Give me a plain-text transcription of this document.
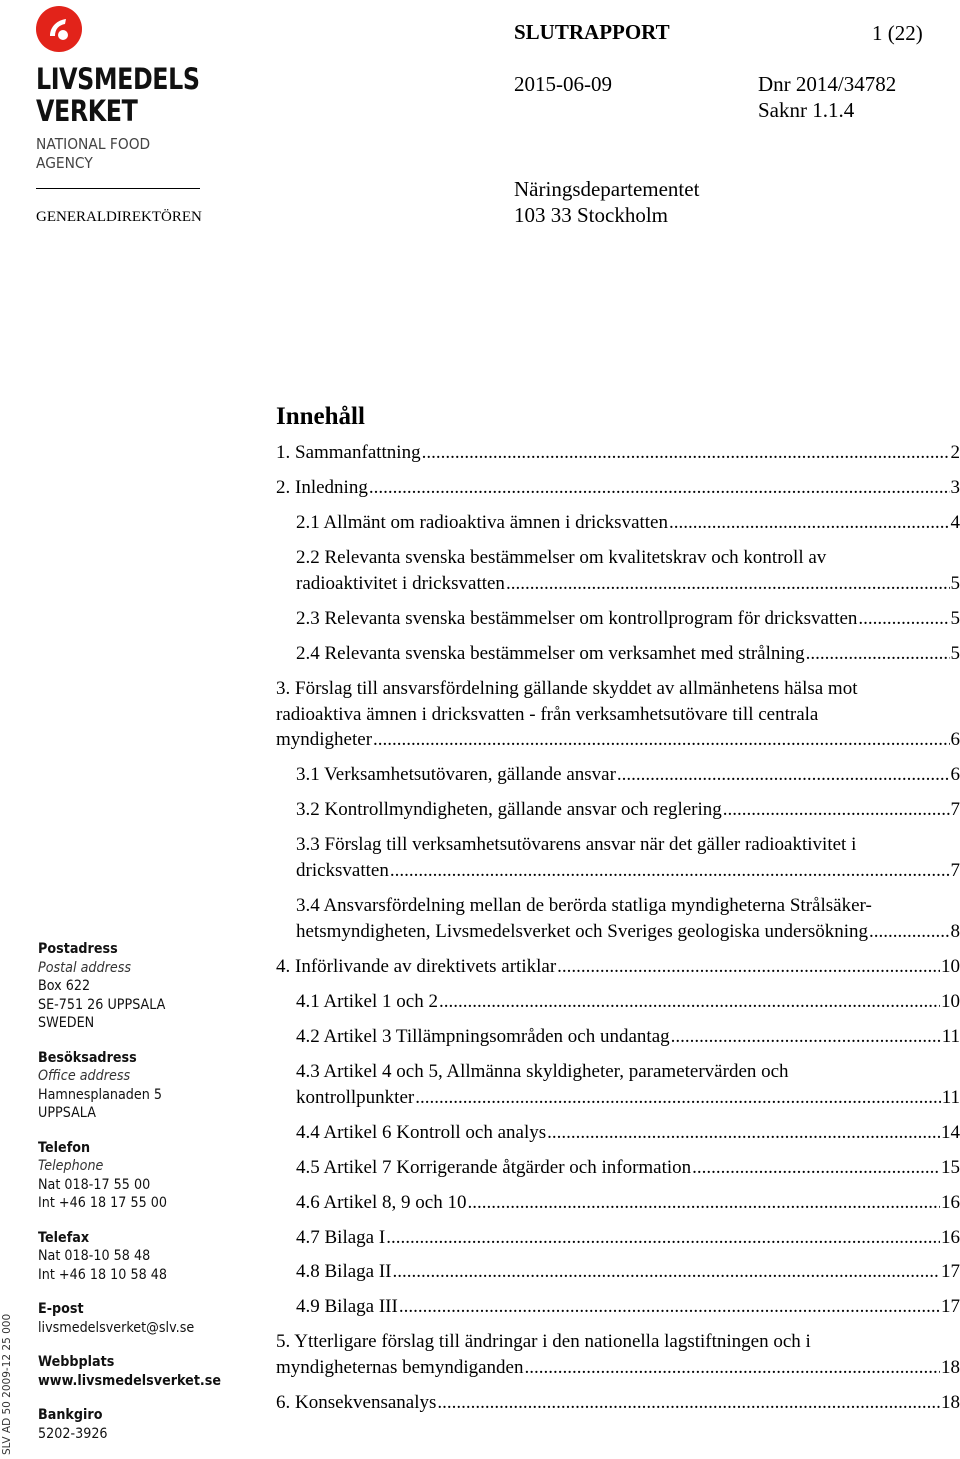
LIVSMEDELS
VERKET
NATIONAL FOOD
AGENCY
GENERALDIREKTÖREN
SLUTRAPPORT	1 (22)
2015-06-09	Dnr 2014/34782
Saknr 1.1.4
Näringsdepartementet
103 33 Stockholm
Postadress
Postal address
Box 622
SE-751 26 UPPSALA
SWEDEN
Besöksadress
Office address
Hamnesplanaden 5
UPPSALA
Telefon
Telephone
Nat 018-17 55 00
Int +46 18 17 55 00
Telefax
Nat 018-10 58 48
Int +46 18 10 58 48
E-post
livsmedelsverket@slv.se
Webbplats
www.livsmedelsverket.se
Bankgiro
5202-3926
SLV AD 50 2009-12 25 000
Innehåll
1. Sammanfattning .....	2
2. Inledning .....	3
2.1 Allmänt om radioaktiva ämnen i dricksvatten .....	4
2.2 Relevanta svenska bestämmelser om kvalitetskrav och kontroll av
radioaktivitet i dricksvatten .....	5
2.3 Relevanta svenska bestämmelser om kontrollprogram för dricksvatten .....	5
2.4 Relevanta svenska bestämmelser om verksamhet med strålning .....	5
3. Förslag till ansvarsfördelning gällande skyddet av allmänhetens hälsa mot
radioaktiva ämnen i dricksvatten - från verksamhetsutövare till centrala
myndigheter .....	6
3.1 Verksamhetsutövaren, gällande ansvar .....	6
3.2 Kontrollmyndigheten, gällande ansvar och reglering .....	7
3.3 Förslag till verksamhetsutövarens ansvar när det gäller radioaktivitet i
dricksvatten .....	7
3.4 Ansvarsfördelning mellan de berörda statliga myndigheterna Strålsäker-
hetsmyndigheten, Livsmedelsverket och Sveriges geologiska undersökning .....	8
4. Införlivande av direktivets artiklar .....	10
4.1 Artikel 1 och 2 .....	10
4.2 Artikel 3 Tillämpningsområden och undantag .....	11
4.3 Artikel 4 och 5, Allmänna skyldigheter, parametervärden och
kontrollpunkter .....	11
4.4 Artikel 6 Kontroll och analys .....	14
4.5 Artikel 7 Korrigerande åtgärder och information .....	15
4.6 Artikel 8, 9 och 10 .....	16
4.7 Bilaga I .....	16
4.8 Bilaga II .....	17
4.9 Bilaga III .....	17
5. Ytterligare förslag till ändringar i den nationella lagstiftningen och i
myndigheternas bemyndiganden .....	18
6. Konsekvensanalys .....	18
